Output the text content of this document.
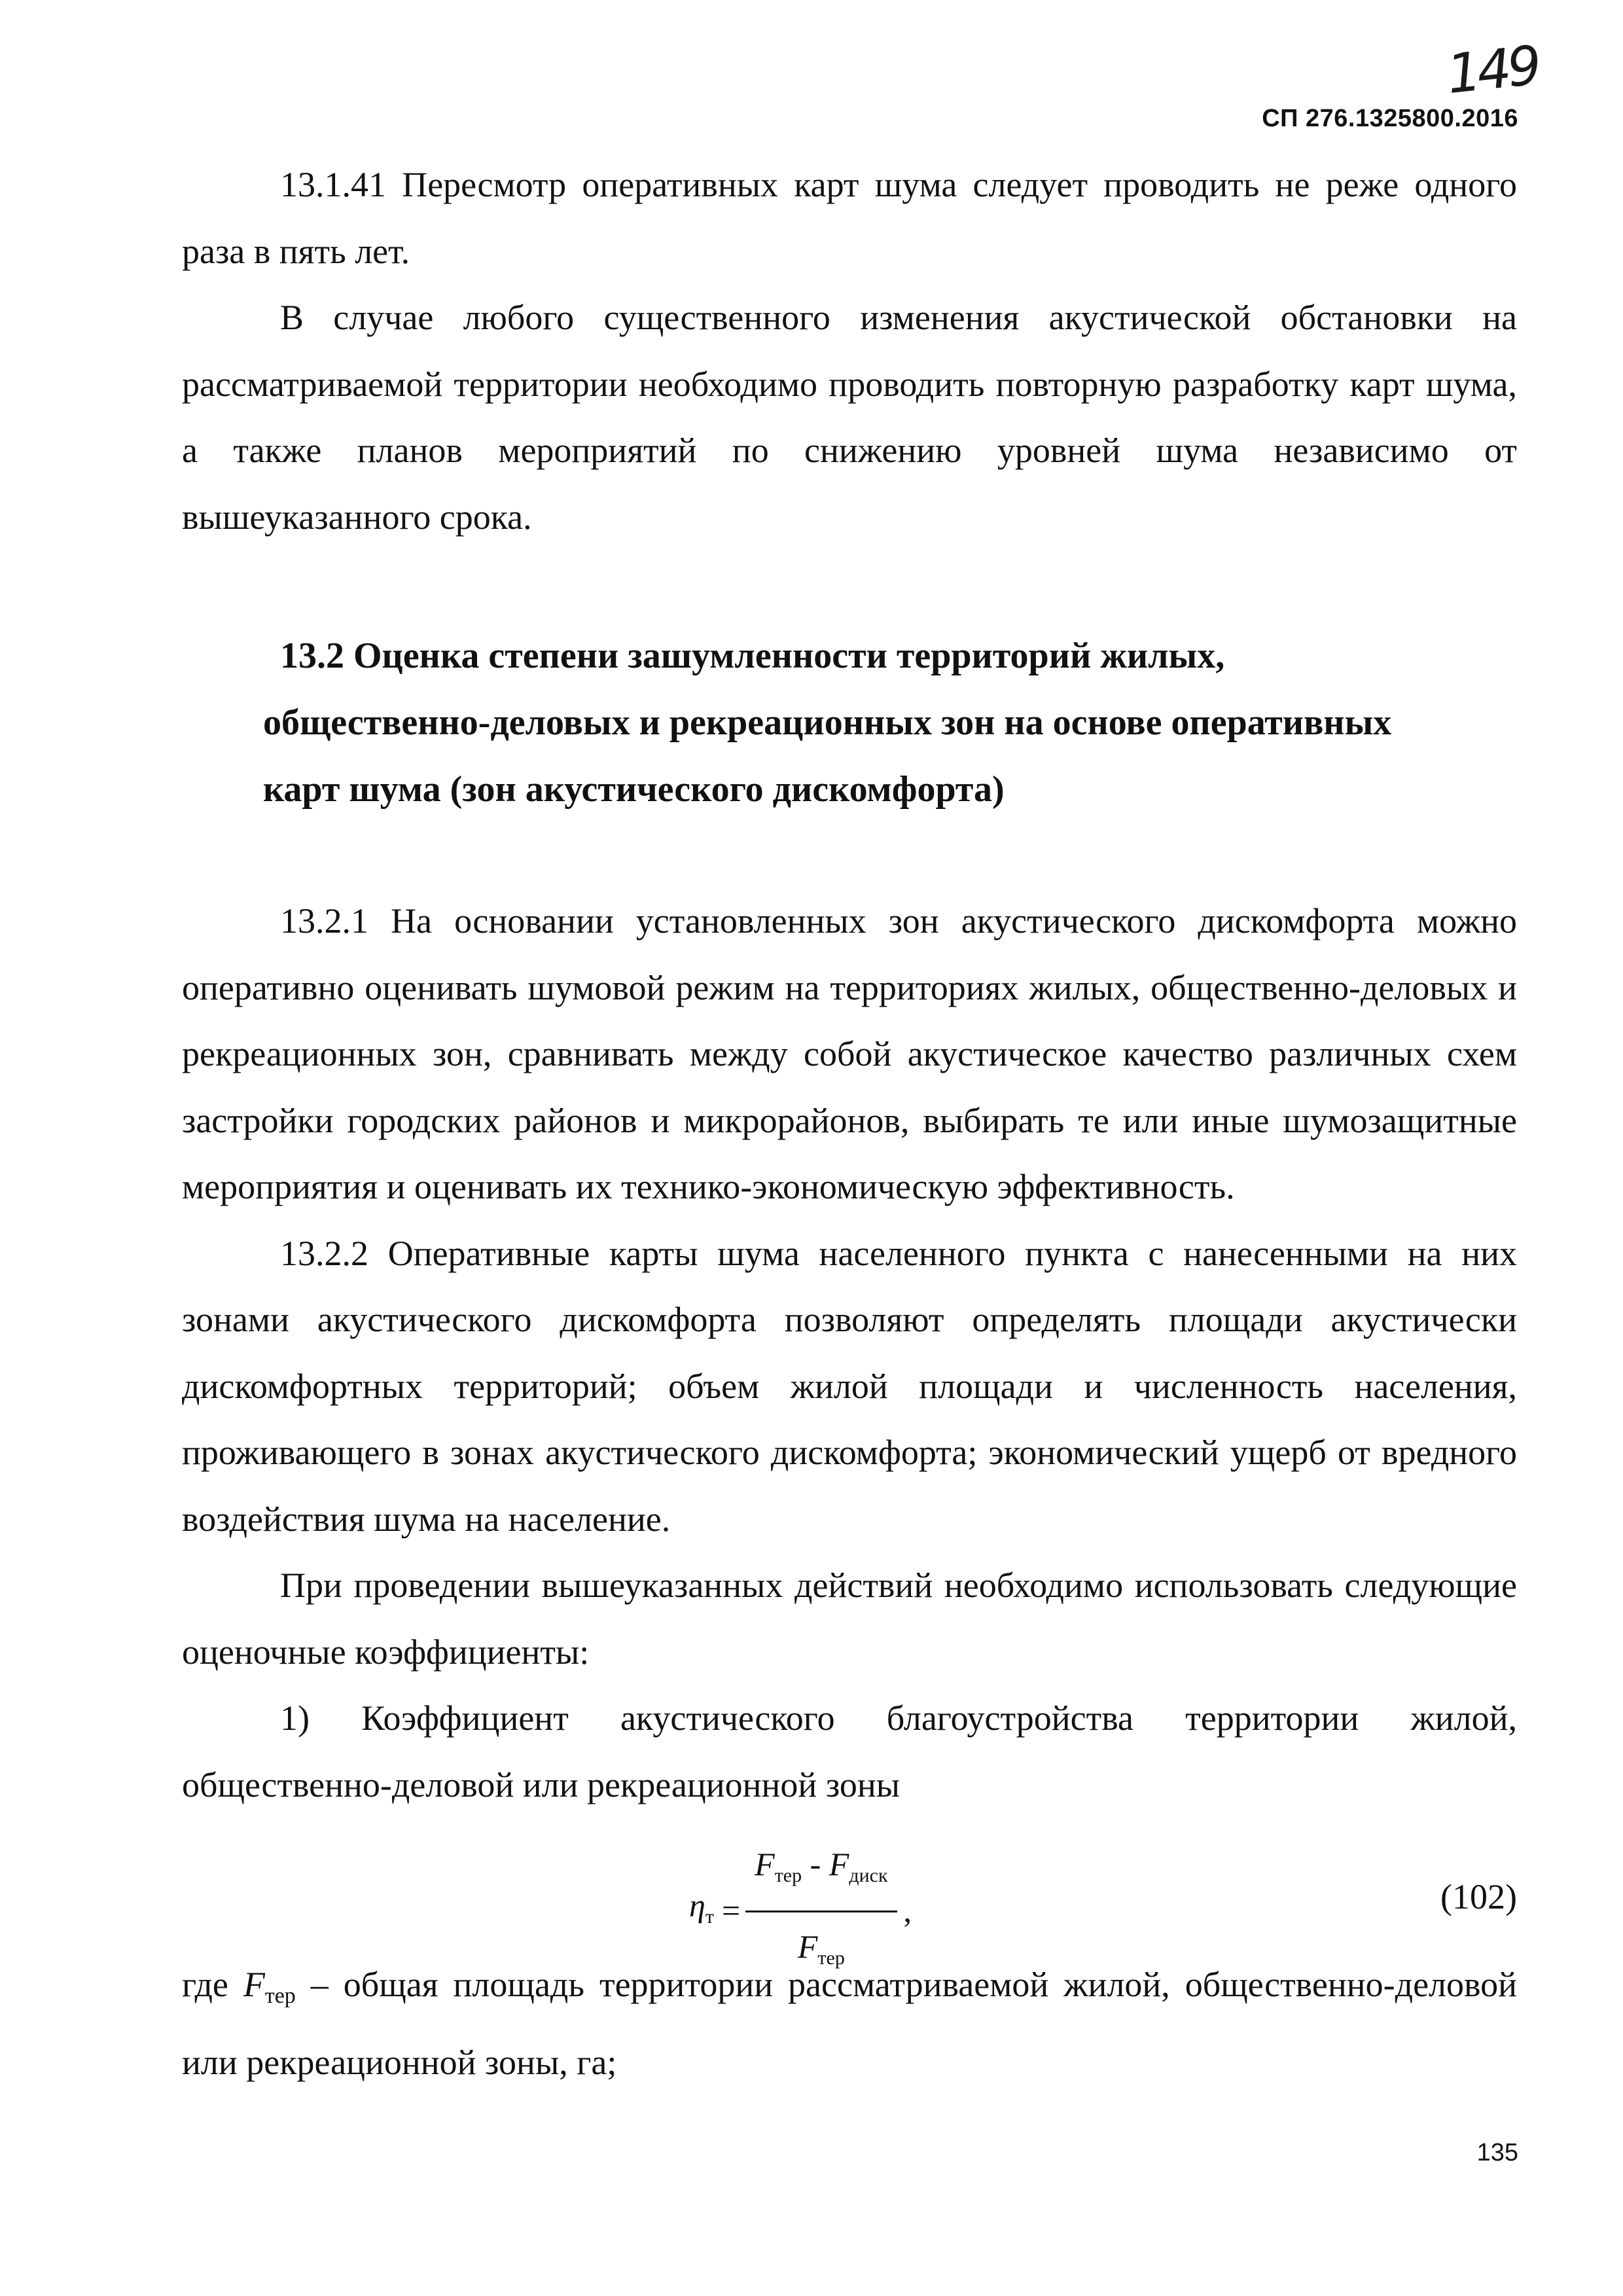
149
СП 276.1325800.2016

13.1.41 Пересмотр оперативных карт шума следует проводить не реже одного раза в пять лет.

В случае любого существенного изменения акустической обстановки на рассматриваемой территории необходимо проводить повторную разработку карт шума, а также планов мероприятий по снижению уровней шума независимо от вышеуказанного срока.

13.2 Оценка степени зашумленности территорий жилых,
общественно-деловых и рекреационных зон на основе оперативных
карт шума (зон акустического дискомфорта)

13.2.1 На основании установленных зон акустического дискомфорта можно оперативно оценивать шумовой режим на территориях жилых, общественно-деловых и рекреационных зон, сравнивать между собой акустическое качество различных схем застройки городских районов и микрорайонов, выбирать те или иные шумозащитные мероприятия и оценивать их технико-экономическую эффективность.

13.2.2 Оперативные карты шума населенного пункта с нанесенными на них зонами акустического дискомфорта позволяют определять площади акустически дискомфортных территорий; объем жилой площади и численность населения, проживающего в зонах акустического дискомфорта; экономический ущерб от вредного воздействия шума на население.

При проведении вышеуказанных действий необходимо использовать следующие оценочные коэффициенты:

1) Коэффициент акустического благоустройства территории жилой, общественно-деловой или рекреационной зоны

$\eta_т = \frac{F_{тер} - F_{диск}}{F_{тер}}$ ,	(102)

где $F_{тер}$ – общая площадь территории рассматриваемой жилой, общественно-деловой или рекреационной зоны, га;

135
